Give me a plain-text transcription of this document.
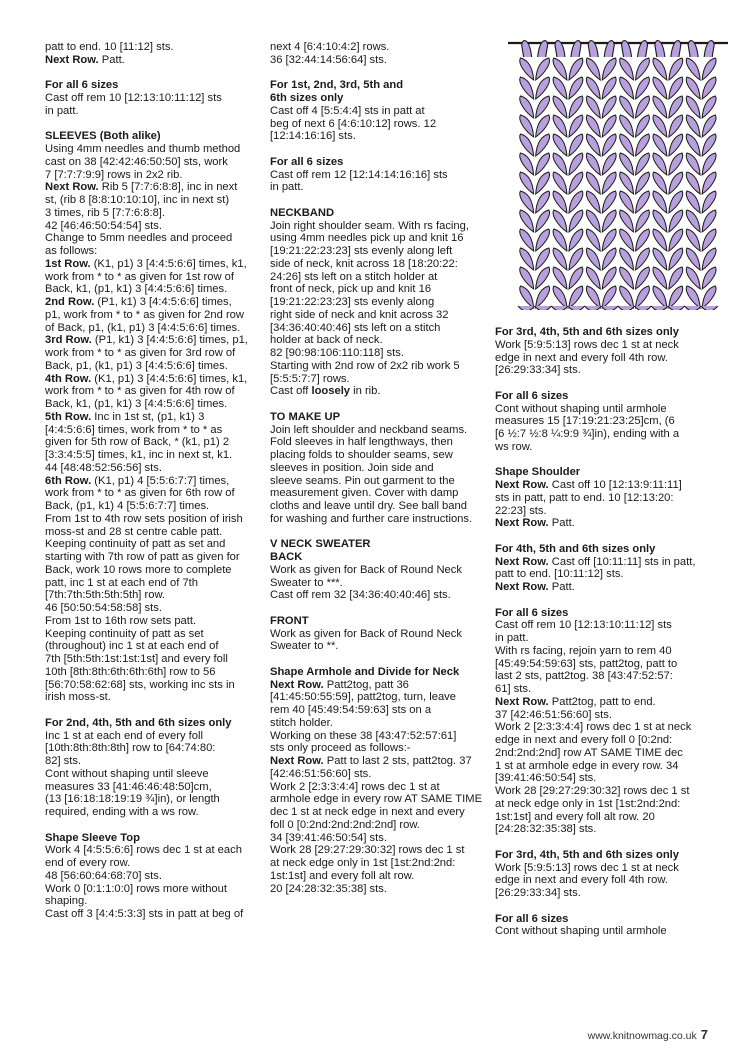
patt to end. 10 [11:12] sts.

Next Row. Patt.

For all 6 sizes

Cast off rem 10 [12:13:10:11:12] sts

in patt.

SLEEVES (Both alike)

Using 4mm needles and thumb method

cast on 38 [42:42:46:50:50] sts, work

7 [7:7:7:9:9] rows in 2x2 rib.

Next Row. Rib 5 [7:7:6:8:8], inc in next

st, (rib 8 [8:8:10:10:10], inc in next st)

3 times, rib 5 [7:7:6:8:8].

42 [46:46:50:54:54] sts.

Change to 5mm needles and proceed

as follows:

1st Row. (K1, p1) 3 [4:4:5:6:6] times, k1,

work from * to * as given for 1st row of

Back, k1, (p1, k1) 3 [4:4:5:6:6] times.

2nd Row. (P1, k1) 3 [4:4:5:6:6] times,

p1, work from * to * as given for 2nd row

of Back, p1, (k1, p1) 3 [4:4:5:6:6] times.

3rd Row. (P1, k1) 3 [4:4:5:6:6] times, p1,

work from * to * as given for 3rd row of

Back, p1, (k1, p1) 3 [4:4:5:6:6] times.

4th Row. (K1, p1) 3 [4:4:5:6:6] times, k1,

work from * to * as given for 4th row of

Back, k1, (p1, k1) 3 [4:4:5:6:6] times.

5th Row. Inc in 1st st, (p1, k1) 3

[4:4:5:6:6] times, work from * to * as

given for 5th row of Back, * (k1, p1) 2

[3:3:4:5:5] times, k1, inc in next st, k1.

44 [48:48:52:56:56] sts.

6th Row. (K1, p1) 4 [5:5:6:7:7] times,

work from * to * as given for 6th row of

Back, (p1, k1) 4 [5:5:6:7:7] times.

From 1st to 4th row sets position of irish

moss-st and 28 st centre cable patt.

Keeping continuity of patt as set and

starting with 7th row of patt as given for

Back, work 10 rows more to complete

patt, inc 1 st at each end of 7th

[7th:7th:5th:5th:5th] row.

46 [50:50:54:58:58] sts.

From 1st to 16th row sets patt.

Keeping continuity of patt as set

(throughout) inc 1 st at each end of

7th [5th:5th:1st:1st:1st] and every foll

10th [8th:8th:6th:6th:6th] row to 56

[56:70:58:62:68] sts, working inc sts in

irish moss-st.

For 2nd, 4th, 5th and 6th sizes only

Inc 1 st at each end of every foll

[10th:8th:8th:8th] row to [64:74:80:

82] sts.

Cont without shaping until sleeve

measures 33 [41:46:46:48:50]cm,

(13 [16:18:18:19:19 ¾]in), or length

required, ending with a ws row.

Shape Sleeve Top

Work 4 [4:5:5:6:6] rows dec 1 st at each

end of every row.

48 [56:60:64:68:70] sts.

Work 0 [0:1:1:0:0] rows more without

shaping.

Cast off 3 [4:4:5:3:3] sts in patt at beg of

next 4 [6:4:10:4:2] rows.

36 [32:44:14:56:64] sts.

For 1st, 2nd, 3rd, 5th and

6th sizes only

Cast off 4 [5:5:4:4] sts in patt at

beg of next 6 [4:6:10:12] rows. 12

[12:14:16:16] sts.

For all 6 sizes

Cast off rem 12 [12:14:14:16:16] sts

in patt.

NECKBAND

Join right shoulder seam. With rs facing,

using 4mm needles pick up and knit 16

[19:21:22:23:23] sts evenly along left

side of neck, knit across 18 [18:20:22:

24:26] sts left on a stitch holder at

front of neck, pick up and knit 16

[19:21:22:23:23] sts evenly along

right side of neck and knit across 32

[34:36:40:40:46] sts left on a stitch

holder at back of neck.

82 [90:98:106:110:118] sts.

Starting with 2nd row of 2x2 rib work 5

[5:5:5:7:7] rows.

Cast off loosely in rib.

TO MAKE UP

Join left shoulder and neckband seams.

Fold sleeves in half lengthways, then

placing folds to shoulder seams, sew

sleeves in position. Join side and

sleeve seams. Pin out garment to the

measurement given. Cover with damp

cloths and leave until dry. See ball band

for washing and further care instructions.

V NECK SWEATER

BACK

Work as given for Back of Round Neck

Sweater to ***.

Cast off rem 32 [34:36:40:40:46] sts.

FRONT

Work as given for Back of Round Neck

Sweater to **.

Shape Armhole and Divide for Neck

Next Row. Patt2tog, patt 36

[41:45:50:55:59], patt2tog, turn, leave

rem 40 [45:49:54:59:63] sts on a

stitch holder.

Working on these 38 [43:47:52:57:61]

sts only proceed as follows:-

Next Row. Patt to last 2 sts, patt2tog. 37

[42:46:51:56:60] sts.

Work 2 [2:3:3:4:4] rows dec 1 st at

armhole edge in every row AT SAME TIME

dec 1 st at neck edge in next and every

foll 0 [0:2nd:2nd:2nd:2nd] row.

34 [39:41:46:50:54] sts.

Work 28 [29:27:29:30:32] rows dec 1 st

at neck edge only in 1st [1st:2nd:2nd:

1st:1st] and every foll alt row.

20 [24:28:32:35:38] sts.

For 3rd, 4th, 5th and 6th sizes only

Work [5:9:5:13] rows dec 1 st at neck

edge in next and every foll 4th row.

[26:29:33:34] sts.

For all 6 sizes

Cont without shaping until armhole

measures 15 [17:19:21:23:25]cm, (6

[6 ½:7 ½:8 ¼:9:9 ¾]in), ending with a

ws row.

Shape Shoulder

Next Row. Cast off 10 [12:13:9:11:11]

sts in patt, patt to end. 10 [12:13:20:

22:23] sts.

Next Row. Patt.

For 4th, 5th and 6th sizes only

Next Row. Cast off [10:11:11] sts in patt,

patt to end. [10:11:12] sts.

Next Row. Patt.

For all 6 sizes

Cast off rem 10 [12:13:10:11:12] sts

in patt.

With rs facing, rejoin yarn to rem 40

[45:49:54:59:63] sts, patt2tog, patt to

last 2 sts, patt2tog. 38 [43:47:52:57:

61] sts.

Next Row. Patt2tog, patt to end.

37 [42:46:51:56:60] sts.

Work 2 [2:3:3:4:4] rows dec 1 st at neck

edge in next and every foll 0 [0:2nd:

2nd:2nd:2nd] row AT SAME TIME dec

1 st at armhole edge in every row. 34

[39:41:46:50:54] sts.

Work 28 [29:27:29:30:32] rows dec 1 st

at neck edge only in 1st [1st:2nd:2nd:

1st:1st] and every foll alt row. 20

[24:28:32:35:38] sts.

For 3rd, 4th, 5th and 6th sizes only

Work [5:9:5:13] rows dec 1 st at neck

edge in next and every foll 4th row.

[26:29:33:34] sts.

For all 6 sizes

Cont without shaping until armhole

www.knitnowmag.co.uk 7
